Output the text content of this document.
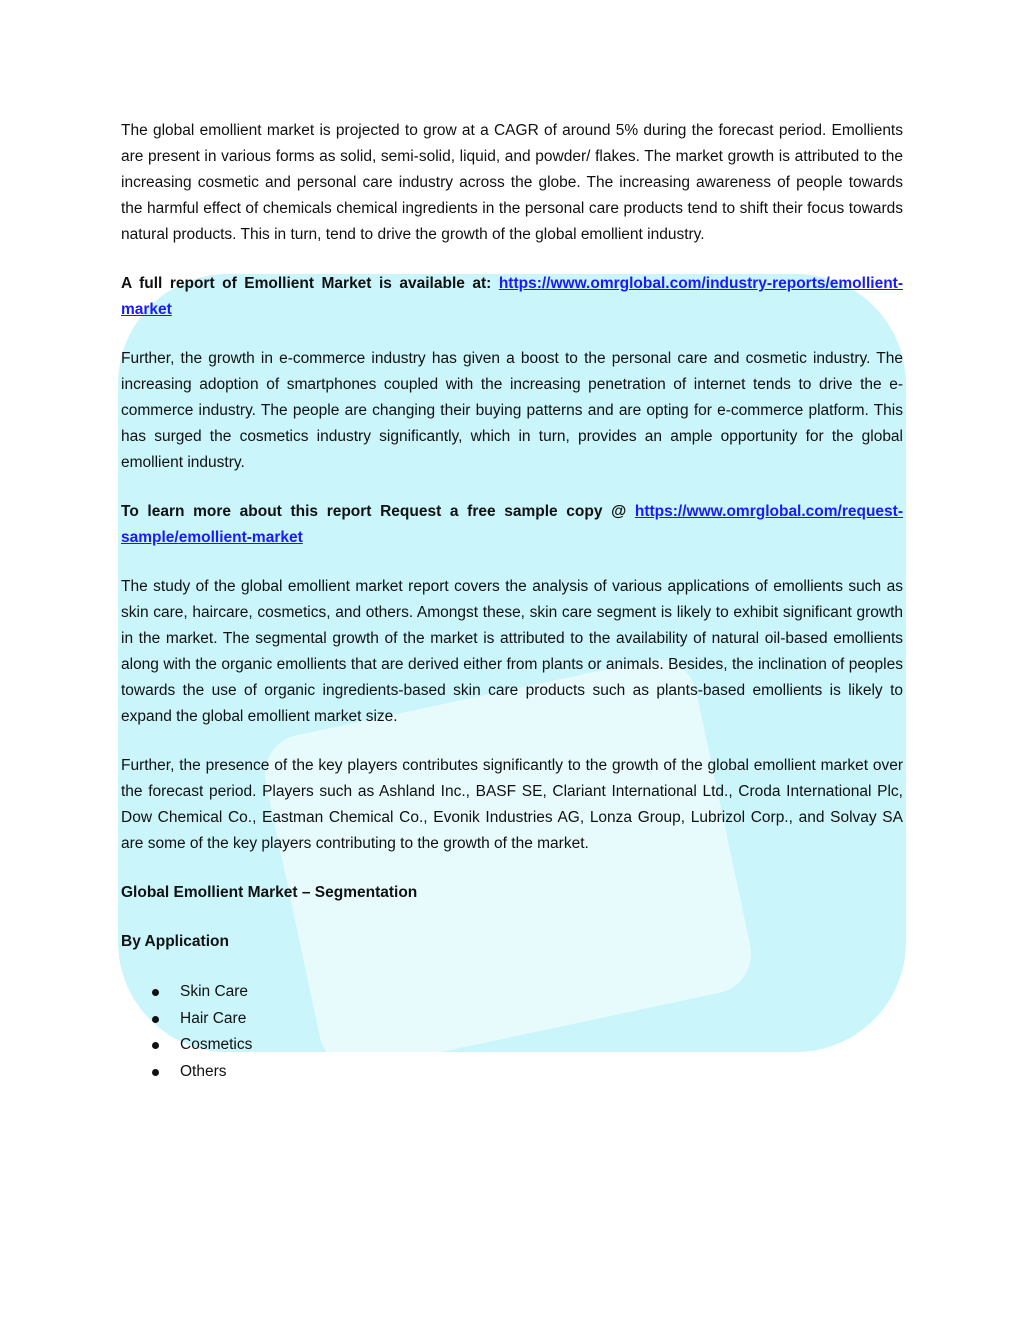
The global emollient market is projected to grow at a CAGR of around 5% during the forecast period. Emollients are present in various forms as solid, semi-solid, liquid, and powder/ flakes. The market growth is attributed to the increasing cosmetic and personal care industry across the globe. The increasing awareness of people towards the harmful effect of chemicals chemical ingredients in the personal care products tend to shift their focus towards natural products. This in turn, tend to drive the growth of the global emollient industry.

A full report of Emollient Market is available at: https://www.omrglobal.com/industry-reports/emollient-market

Further, the growth in e-commerce industry has given a boost to the personal care and cosmetic industry. The increasing adoption of smartphones coupled with the increasing penetration of internet tends to drive the e-commerce industry. The people are changing their buying patterns and are opting for e-commerce platform. This has surged the cosmetics industry significantly, which in turn, provides an ample opportunity for the global emollient industry.

To learn more about this report Request a free sample copy @ https://www.omrglobal.com/request-sample/emollient-market

The study of the global emollient market report covers the analysis of various applications of emollients such as skin care, haircare, cosmetics, and others. Amongst these, skin care segment is likely to exhibit significant growth in the market. The segmental growth of the market is attributed to the availability of natural oil-based emollients along with the organic emollients that are derived either from plants or animals. Besides, the inclination of peoples towards the use of organic ingredients-based skin care products such as plants-based emollients is likely to expand the global emollient market size.

Further, the presence of the key players contributes significantly to the growth of the global emollient market over the forecast period. Players such as Ashland Inc., BASF SE, Clariant International Ltd., Croda International Plc, Dow Chemical Co., Eastman Chemical Co., Evonik Industries AG, Lonza Group, Lubrizol Corp., and Solvay SA are some of the key players contributing to the growth of the market.

Global Emollient Market – Segmentation

By Application

Skin Care
Hair Care
Cosmetics
Others
